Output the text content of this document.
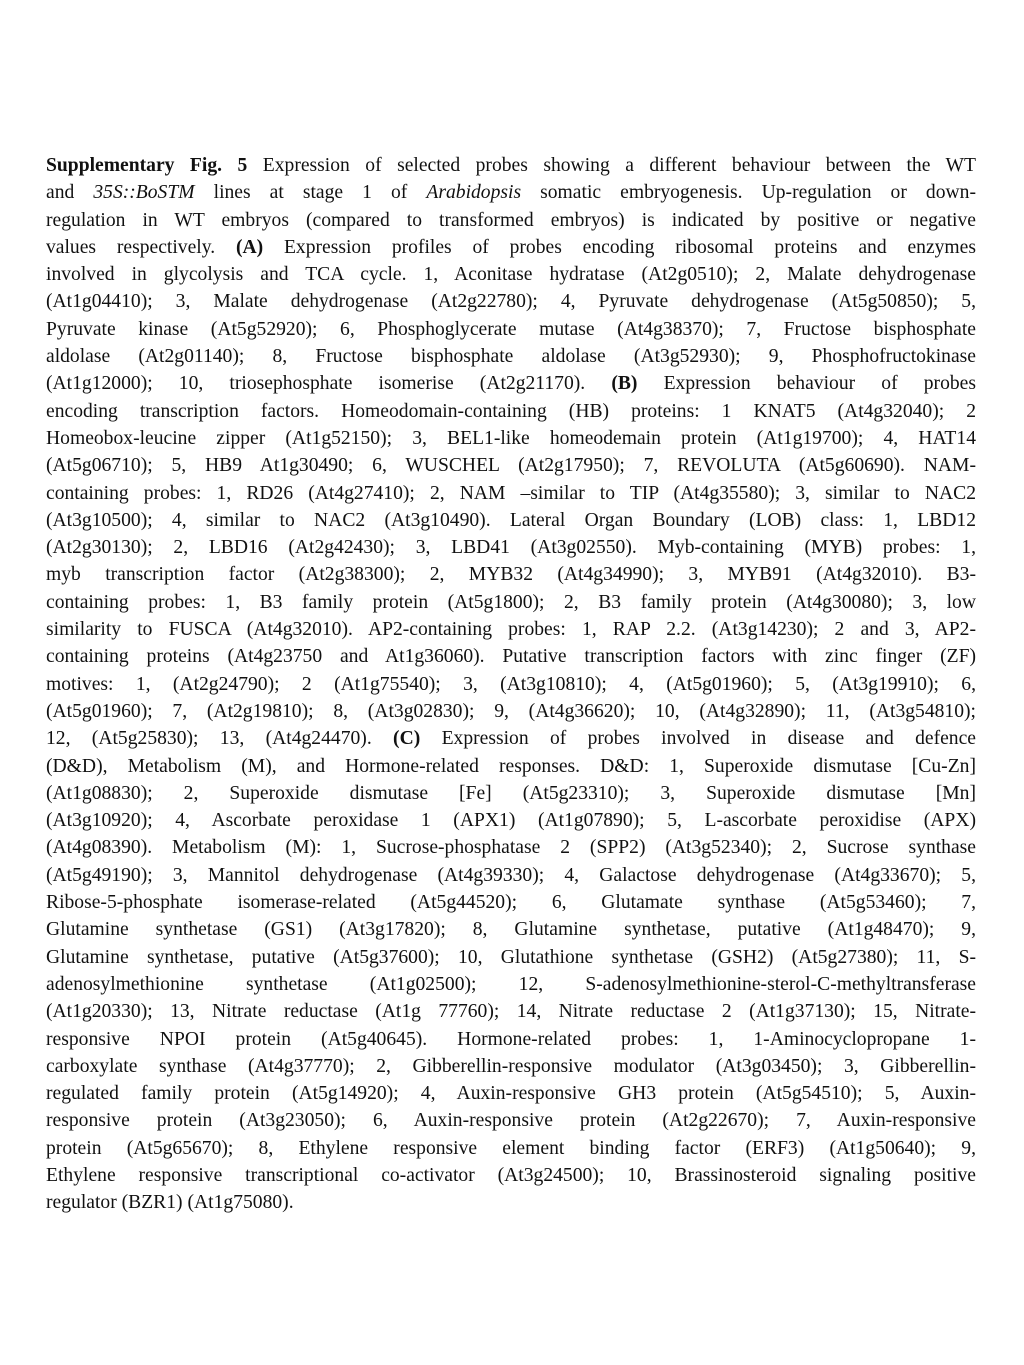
Supplementary Fig. 5 Expression of selected probes showing a different behaviour between the WT
and 35S::BoSTM lines at stage 1 of Arabidopsis somatic embryogenesis. Up-regulation or down-
regulation in WT embryos (compared to transformed embryos) is indicated by positive or negative
values respectively. (A) Expression profiles of probes encoding ribosomal proteins and enzymes
involved in glycolysis and TCA cycle. 1, Aconitase hydratase (At2g0510); 2, Malate dehydrogenase
(At1g04410); 3, Malate dehydrogenase (At2g22780); 4, Pyruvate dehydrogenase (At5g50850); 5,
Pyruvate kinase (At5g52920); 6, Phosphoglycerate mutase (At4g38370); 7, Fructose bisphosphate
aldolase (At2g01140); 8, Fructose bisphosphate aldolase (At3g52930); 9, Phosphofructokinase
(At1g12000); 10, triosephosphate isomerise (At2g21170). (B) Expression behaviour of probes
encoding transcription factors. Homeodomain-containing (HB) proteins: 1 KNAT5 (At4g32040); 2
Homeobox-leucine zipper (At1g52150); 3, BEL1-like homeodemain protein (At1g19700); 4, HAT14
(At5g06710); 5, HB9 At1g30490; 6, WUSCHEL (At2g17950); 7, REVOLUTA (At5g60690). NAM-
containing probes: 1, RD26 (At4g27410); 2, NAM –similar to TIP (At4g35580); 3, similar to NAC2
(At3g10500); 4, similar to NAC2 (At3g10490). Lateral Organ Boundary (LOB) class: 1, LBD12
(At2g30130); 2, LBD16 (At2g42430); 3, LBD41 (At3g02550). Myb-containing (MYB) probes: 1,
myb transcription factor (At2g38300); 2, MYB32 (At4g34990); 3, MYB91 (At4g32010). B3-
containing probes: 1, B3 family protein (At5g1800); 2, B3 family protein (At4g30080); 3, low
similarity to FUSCA (At4g32010). AP2-containing probes: 1, RAP 2.2. (At3g14230); 2 and 3, AP2-
containing proteins (At4g23750 and At1g36060). Putative transcription factors with zinc finger (ZF)
motives: 1, (At2g24790); 2 (At1g75540); 3, (At3g10810); 4, (At5g01960); 5, (At3g19910); 6,
(At5g01960); 7, (At2g19810); 8, (At3g02830); 9, (At4g36620); 10, (At4g32890); 11, (At3g54810);
12, (At5g25830); 13, (At4g24470). (C) Expression of probes involved in disease and defence
(D&D), Metabolism (M), and Hormone-related responses. D&D: 1, Superoxide dismutase [Cu-Zn]
(At1g08830); 2, Superoxide dismutase [Fe] (At5g23310); 3, Superoxide dismutase [Mn]
(At3g10920); 4, Ascorbate peroxidase 1 (APX1) (At1g07890); 5, L-ascorbate peroxidise (APX)
(At4g08390). Metabolism (M): 1, Sucrose-phosphatase 2 (SPP2) (At3g52340); 2, Sucrose synthase
(At5g49190); 3, Mannitol dehydrogenase (At4g39330); 4, Galactose dehydrogenase (At4g33670); 5,
Ribose-5-phosphate isomerase-related (At5g44520); 6, Glutamate synthase (At5g53460); 7,
Glutamine synthetase (GS1) (At3g17820); 8, Glutamine synthetase, putative (At1g48470); 9,
Glutamine synthetase, putative (At5g37600); 10, Glutathione synthetase (GSH2) (At5g27380); 11, S-
adenosylmethionine synthetase (At1g02500); 12, S-adenosylmethionine-sterol-C-methyltransferase
(At1g20330); 13, Nitrate reductase (At1g 77760); 14, Nitrate reductase 2 (At1g37130); 15, Nitrate-
responsive NPOI protein (At5g40645). Hormone-related probes: 1, 1-Aminocyclopropane 1-
carboxylate synthase (At4g37770); 2, Gibberellin-responsive modulator (At3g03450); 3, Gibberellin-
regulated family protein (At5g14920); 4, Auxin-responsive GH3 protein (At5g54510); 5, Auxin-
responsive protein (At3g23050); 6, Auxin-responsive protein (At2g22670); 7, Auxin-responsive
protein (At5g65670); 8, Ethylene responsive element binding factor (ERF3) (At1g50640); 9,
Ethylene responsive transcriptional co-activator (At3g24500); 10, Brassinosteroid signaling positive
regulator (BZR1) (At1g75080).
